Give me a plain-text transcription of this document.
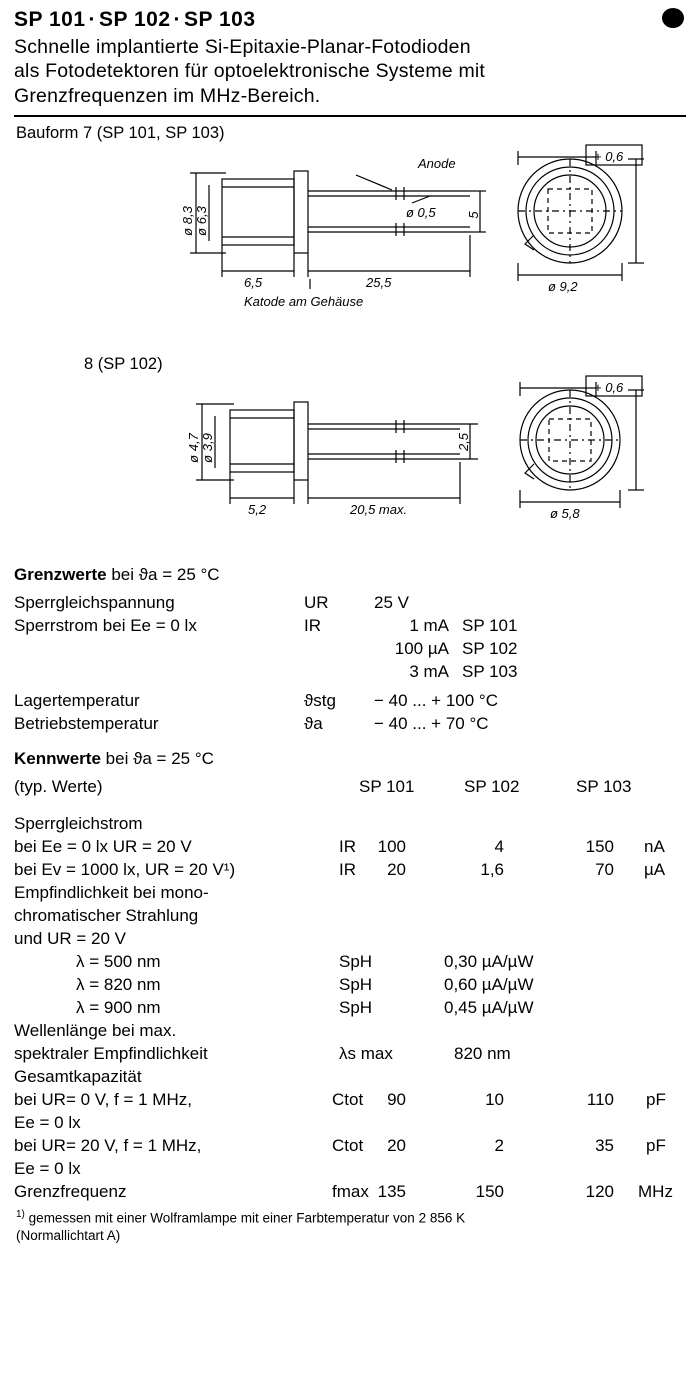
SP 101 · SP 102 · SP 103
Schnelle implantierte Si-Epitaxie-Planar-Fotodioden
als Fotodetektoren für optoelektronische Systeme mit
Grenzfrequenzen im MHz-Bereich.
Bauform 7 (SP 101, SP 103)
Anode
ø 8,3 ø 6,3
6,5	25,5
ø 0,5 5
ø 9,2
+ 0,6
Katode am Gehäuse
8 (SP 102)
ø 4,7 ø 3,9
5,2	20,5 max.
2,5
ø 5,8
+ 0,6
Grenzwerte bei ϑa = 25 °C
Sperrgleichspannung	UR	25 V
Sperrstrom bei Ee = 0 lx	IR	1 mA SP 101
100 µA SP 102
3 mA SP 103
Lagertemperatur	ϑstg − 40 ... + 100 °C
Betriebstemperatur	ϑa	− 40 ... + 70 °C
Kennwerte bei ϑa = 25 °C
(typ. Werte)	SP 101	SP 102	SP 103
Sperrgleichstrom
bei Ee = 0 lx UR = 20 V	IR	100	4	150 nA
bei Ev = 1000 lx, UR = 20 V¹)	IR	20	1,6	70 µA
Empfindlichkeit bei mono-
chromatischer Strahlung
und UR = 20 V
λ = 500 nm	SpH	0,30 µA/µW
λ = 820 nm	SpH	0,60 µA/µW
λ = 900 nm	SpH	0,45 µA/µW
Wellenlänge bei max.
spektraler Empfindlichkeit	λs max	820 nm
Gesamtkapazität
bei UR= 0 V, f = 1 MHz,	Ctot	90	10	110 pF
Ee = 0 lx
bei UR= 20 V, f = 1 MHz,	Ctot	20	2	35 pF
Ee = 0 lx
Grenzfrequenz	fmax 135	150	120 MHz
$^{1)}$ gemessen mit einer Wolframlampe mit einer Farbtemperatur von 2 856 K
(Normallichtart A)
